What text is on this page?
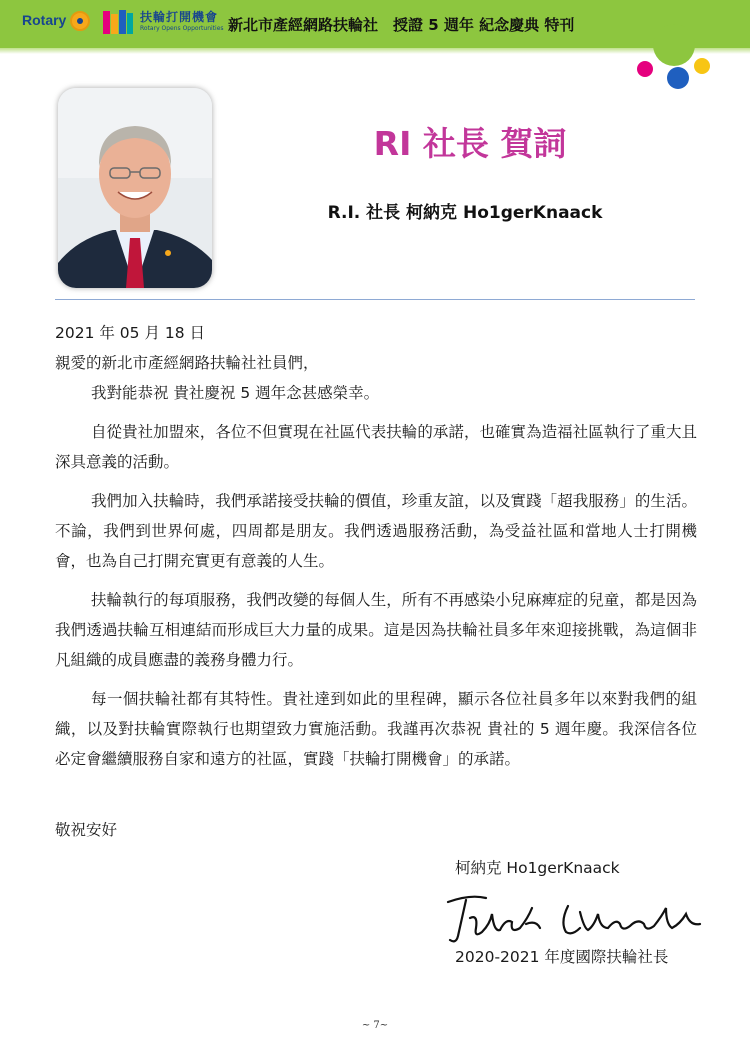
Rotary	扶輪打開機會
Rotary Opens Opportunities 新北市產經網路扶輪社　授證 5 週年 紀念慶典 特刊
RI 社長 賀詞
R.I. 社長 柯納克 Ho1gerKnaack
2021 年 05 月 18 日
親愛的新北市產經網路扶輪社社員們，
我對能恭祝 貴社慶祝 5 週年念甚感榮幸。
自從貴社加盟來，各位不但實現在社區代表扶輪的承諾，也確實為造福社區執行了重大且深具意義的活動。
我們加入扶輪時，我們承諾接受扶輪的價值，珍重友誼，以及實踐「超我服務」的生活。不論，我們到世界何處，四周都是朋友。我們透過服務活動，為受益社區和當地人士打開機會，也為自己打開充實更有意義的人生。
扶輪執行的每項服務，我們改變的每個人生，所有不再感染小兒麻痺症的兒童，都是因為我們透過扶輪互相連結而形成巨大力量的成果。這是因為扶輪社員多年來迎接挑戰，為這個非凡組織的成員應盡的義務身體力行。
每一個扶輪社都有其特性。貴社達到如此的里程碑，顯示各位社員多年以來對我們的組織，以及對扶輪實際執行也期望致力實施活動。我謹再次恭祝 貴社的 5 週年慶。我深信各位必定會繼續服務自家和遠方的社區，實踐「扶輪打開機會」的承諾。
敬祝安好
柯納克 Ho1gerKnaack
2020-2021 年度國際扶輪社長
~ 7~
